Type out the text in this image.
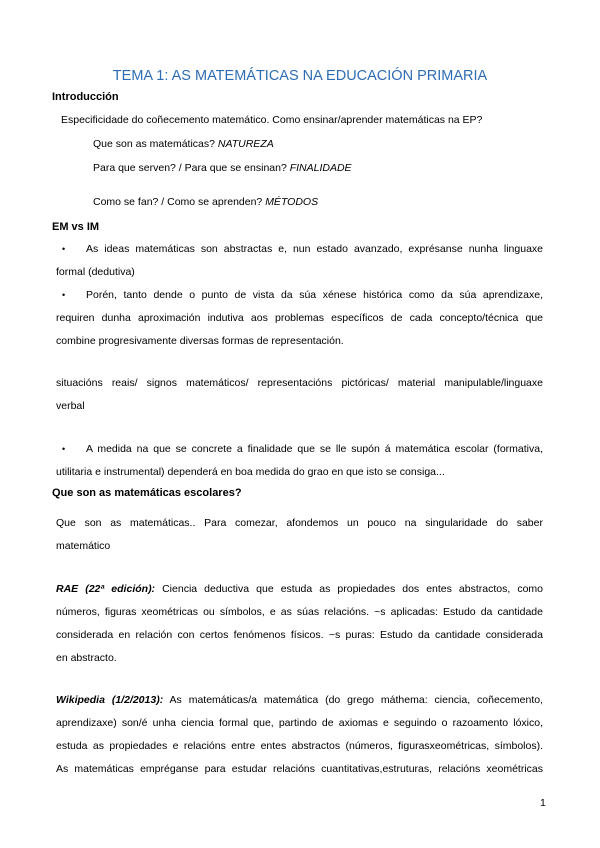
TEMA 1: AS MATEMÁTICAS NA EDUCACIÓN PRIMARIA
Introducción
Especificidade do coñecemento matemático. Como ensinar/aprender matemáticas na EP?
Que son as matemáticas? NATUREZA
Para que serven? / Para que se ensinan? FINALIDADE
Como se fan? / Como se aprenden? MÉTODOS
EM vs IM
• As ideas matemáticas son abstractas e, nun estado avanzado, exprésanse nunha linguaxe
formal (dedutiva)
• Porén, tanto dende o punto de vista da súa xénese histórica como da súa aprendizaxe,
requiren dunha aproximación indutiva aos problemas específicos de cada concepto/técnica que
combine progresivamente diversas formas de representación.
situacións reais/ signos matemáticos/ representacións pictóricas/ material manipulable/linguaxe
verbal
• A medida na que se concrete a finalidade que se lle supón á matemática escolar (formativa,
utilitaria e instrumental) dependerá en boa medida do grao en que isto se consiga...
Que son as matemáticas escolares?
Que son as matemáticas.. Para comezar, afondemos un pouco na singularidade do saber
matemático
RAE (22ª edición): Ciencia deductiva que estuda as propiedades dos entes abstractos, como
números, figuras xeométricas ou símbolos, e as súas relacións. ~s aplicadas: Estudo da cantidade
considerada en relación con certos fenómenos físicos. ~s puras: Estudo da cantidade considerada
en abstracto.
Wikipedia (1/2/2013): As matemáticas/a matemática (do grego máthema: ciencia, coñecemento,
aprendizaxe) son/é unha ciencia formal que, partindo de axiomas e seguindo o razoamento lóxico,
estuda as propiedades e relacións entre entes abstractos (números, figurasxeométricas, símbolos).
As matemáticas empréganse para estudar relacións cuantitativas,estruturas, relacións xeométricas
1
